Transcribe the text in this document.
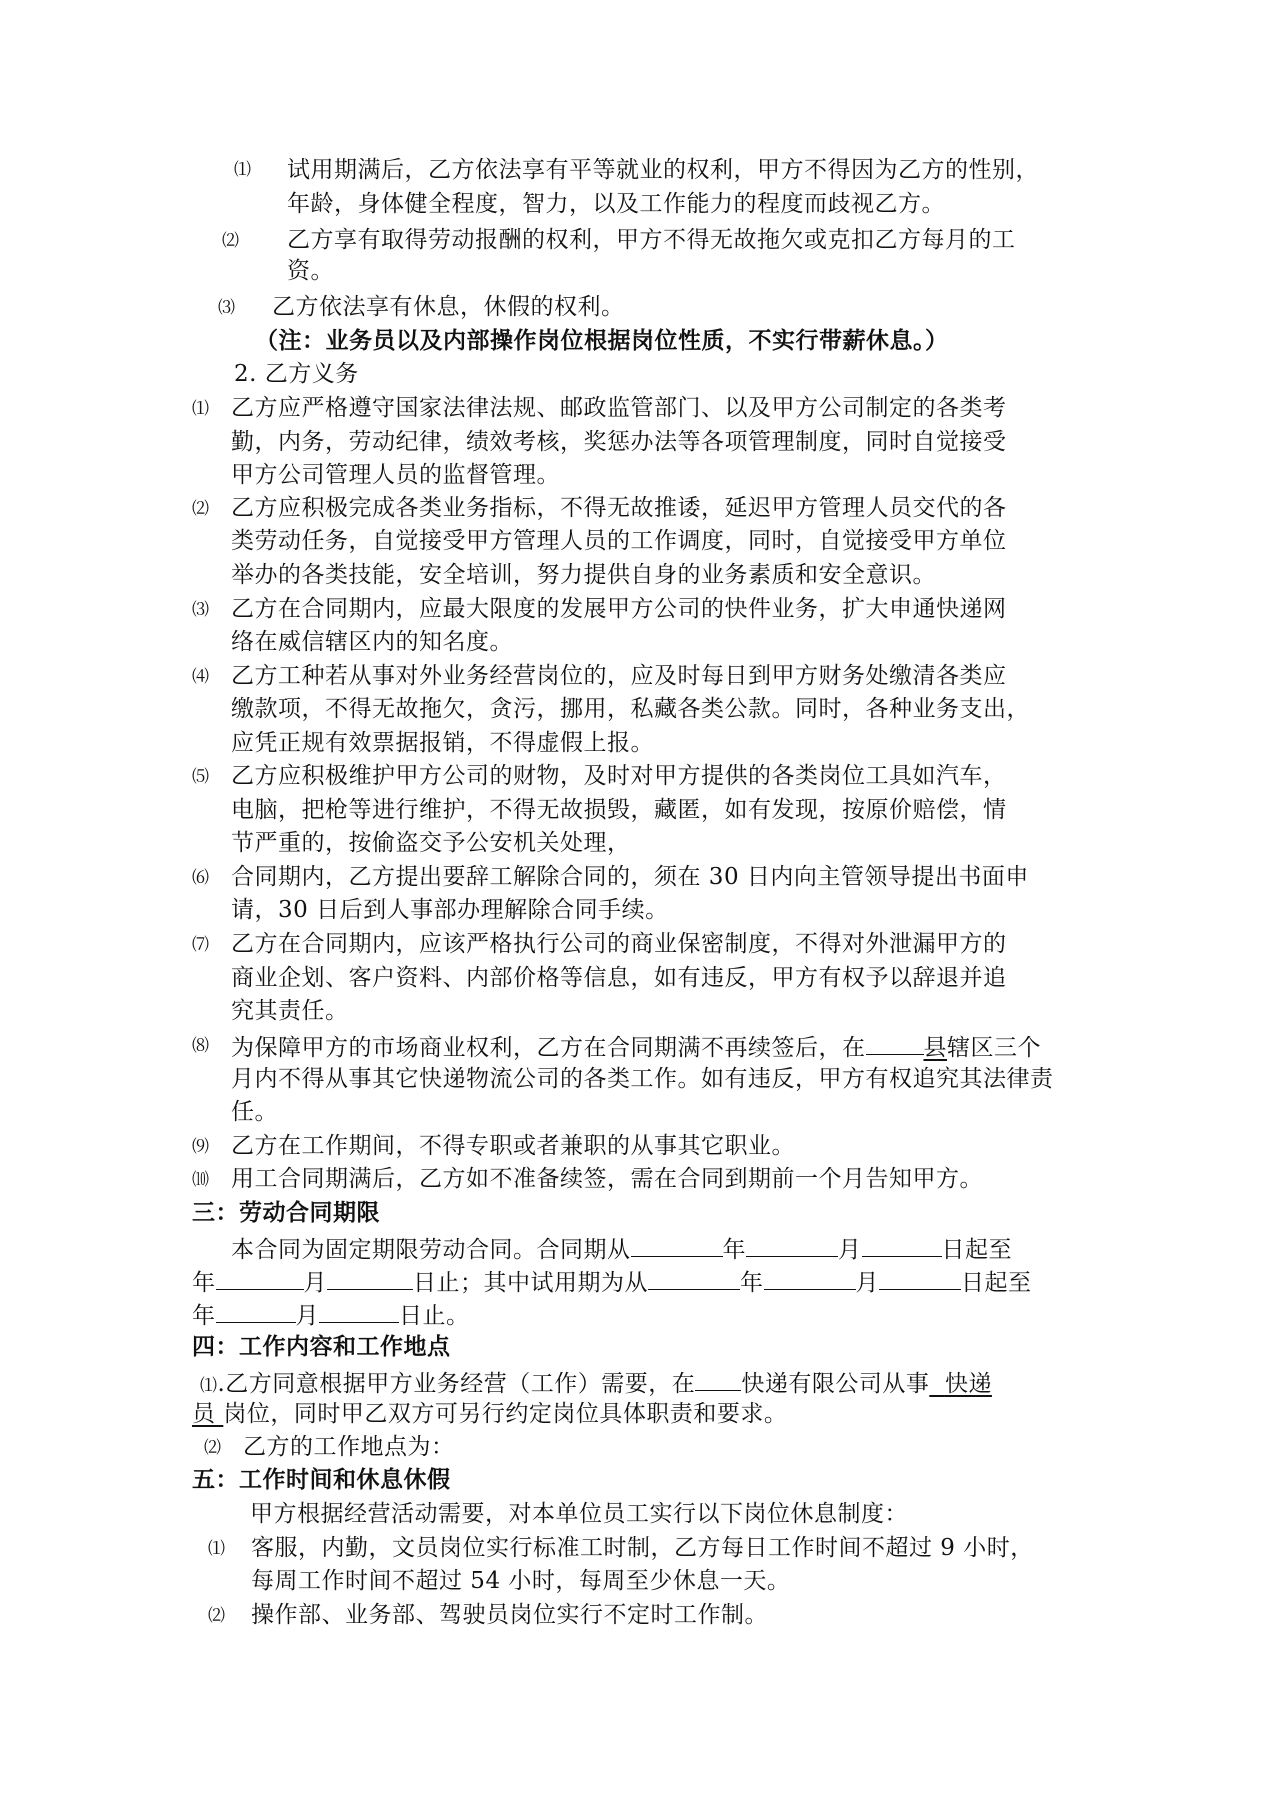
⑴ 试用期满后，乙方依法享有平等就业的权利，甲方不得因为乙方的性别，
年龄，身体健全程度，智力，以及工作能力的程度而歧视乙方。
⑵ 乙方享有取得劳动报酬的权利，甲方不得无故拖欠或克扣乙方每月的工
资。
⑶ 乙方依法享有休息，休假的权利。
（注：业务员以及内部操作岗位根据岗位性质，不实行带薪休息。）
2. 乙方义务
⑴ 乙方应严格遵守国家法律法规、邮政监管部门、以及甲方公司制定的各类考
勤，内务，劳动纪律，绩效考核，奖惩办法等各项管理制度，同时自觉接受
甲方公司管理人员的监督管理。
⑵ 乙方应积极完成各类业务指标，不得无故推诿，延迟甲方管理人员交代的各
类劳动任务，自觉接受甲方管理人员的工作调度，同时，自觉接受甲方单位
举办的各类技能，安全培训，努力提供自身的业务素质和安全意识。
⑶ 乙方在合同期内，应最大限度的发展甲方公司的快件业务，扩大申通快递网
络在威信辖区内的知名度。
⑷ 乙方工种若从事对外业务经营岗位的，应及时每日到甲方财务处缴清各类应
缴款项，不得无故拖欠，贪污，挪用，私藏各类公款。同时，各种业务支出，
应凭正规有效票据报销，不得虚假上报。
⑸ 乙方应积极维护甲方公司的财物，及时对甲方提供的各类岗位工具如汽车，
电脑，把枪等进行维护，不得无故损毁，藏匿，如有发现，按原价赔偿，情
节严重的，按偷盗交予公安机关处理，
⑹ 合同期内，乙方提出要辞工解除合同的，须在 30 日内向主管领导提出书面申
请，30 日后到人事部办理解除合同手续。
⑺ 乙方在合同期内，应该严格执行公司的商业保密制度，不得对外泄漏甲方的
商业企划、客户资料、内部价格等信息，如有违反，甲方有权予以辞退并追
究其责任。
⑻ 为保障甲方的市场商业权利，乙方在合同期满不再续签后，在	县辖区三个
月内不得从事其它快递物流公司的各类工作。如有违反，甲方有权追究其法律责
任。
⑼ 乙方在工作期间，不得专职或者兼职的从事其它职业。
⑽ 用工合同期满后，乙方如不准备续签，需在合同到期前一个月告知甲方。
三：劳动合同期限
本合同为固定期限劳动合同。合同期从	年	月	日起至
年	月	日止；其中试用期为从	年	月	日起至
年	月	日止。
四：工作内容和工作地点
⑴.乙方同意根据甲方业务经营（工作）需要，在 快递有限公司从事 快递
员 岗位，同时甲乙双方可另行约定岗位具体职责和要求。
⑵ 乙方的工作地点为：
五：工作时间和休息休假
甲方根据经营活动需要，对本单位员工实行以下岗位休息制度：
⑴ 客服，内勤，文员岗位实行标准工时制，乙方每日工作时间不超过 9 小时，
每周工作时间不超过 54 小时，每周至少休息一天。
⑵ 操作部、业务部、驾驶员岗位实行不定时工作制。
